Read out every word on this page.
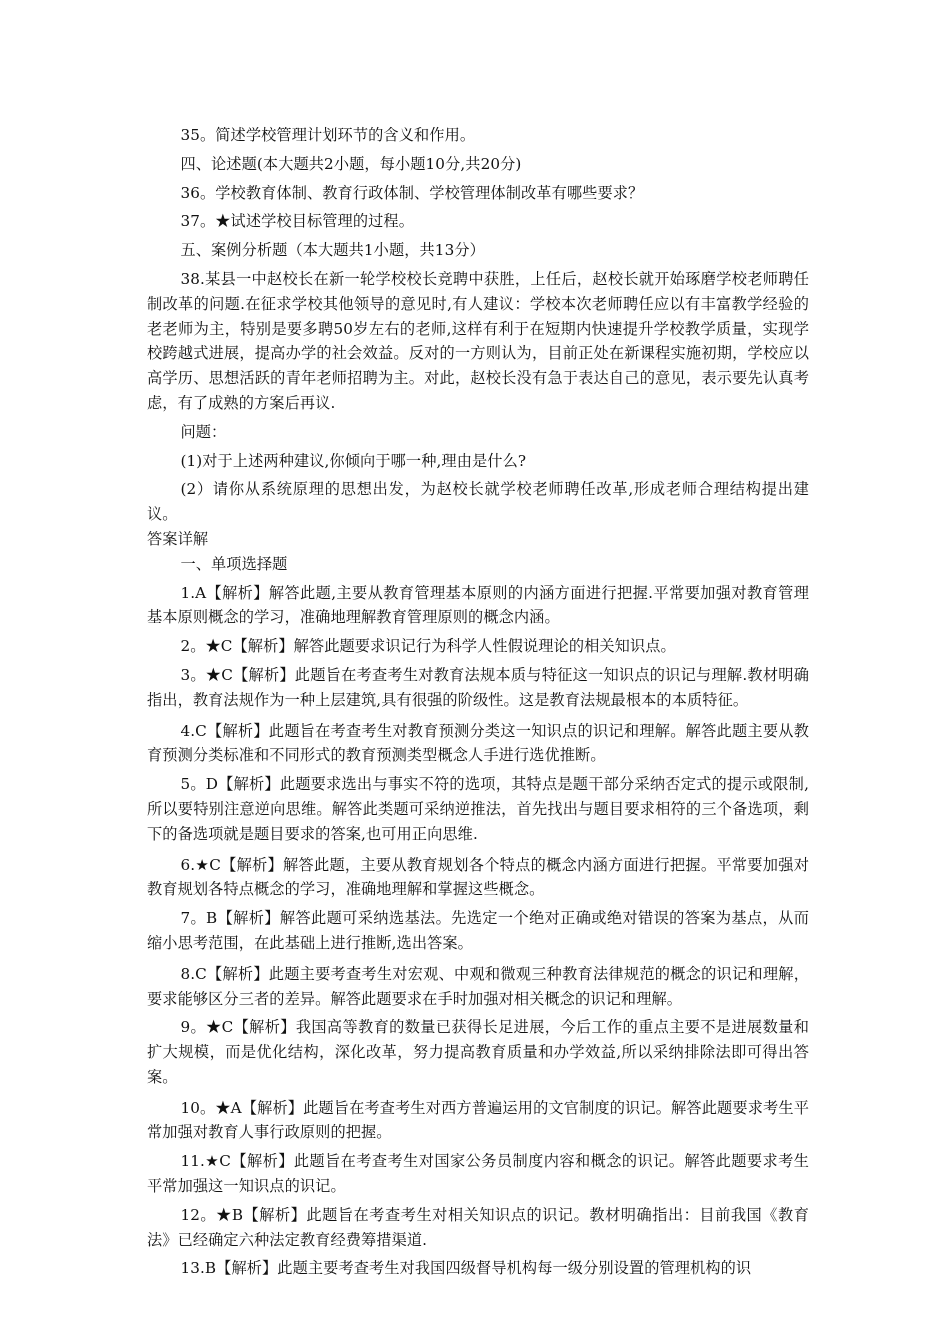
35。简述学校管理计划环节的含义和作用。

四、论述题(本大题共2小题，每小题10分,共20分)

36。学校教育体制、教育行政体制、学校管理体制改革有哪些要求？

37。★试述学校目标管理的过程。

五、案例分析题（本大题共1小题，共13分）

38.某县一中赵校长在新一轮学校校长竞聘中获胜，上任后，赵校长就开始琢磨学校老师聘任制改革的问题.在征求学校其他领导的意见时,有人建议：学校本次老师聘任应以有丰富教学经验的老老师为主，特别是要多聘50岁左右的老师,这样有利于在短期内快速提升学校教学质量，实现学校跨越式进展，提高办学的社会效益。反对的一方则认为，目前正处在新课程实施初期，学校应以高学历、思想活跃的青年老师招聘为主。对此，赵校长没有急于表达自己的意见，表示要先认真考虑，有了成熟的方案后再议.

问题：

(1)对于上述两种建议,你倾向于哪一种,理由是什么?

(2）请你从系统原理的思想出发，为赵校长就学校老师聘任改革,形成老师合理结构提出建议。

答案详解

一、单项选择题

1.A【解析】解答此题,主要从教育管理基本原则的内涵方面进行把握.平常要加强对教育管理基本原则概念的学习，准确地理解教育管理原则的概念内涵。

2。★C【解析】解答此题要求识记行为科学人性假说理论的相关知识点。

3。★C【解析】此题旨在考查考生对教育法规本质与特征这一知识点的识记与理解.教材明确指出，教育法规作为一种上层建筑,具有很强的阶级性。这是教育法规最根本的本质特征。

4.C【解析】此题旨在考查考生对教育预测分类这一知识点的识记和理解。解答此题主要从教育预测分类标准和不同形式的教育预测类型概念人手进行选优推断。

5。D【解析】此题要求选出与事实不符的选项，其特点是题干部分采纳否定式的提示或限制,所以要特别注意逆向思维。解答此类题可采纳逆推法，首先找出与题目要求相符的三个备选项，剩下的备选项就是题目要求的答案,也可用正向思维.

6.★C【解析】解答此题，主要从教育规划各个特点的概念内涵方面进行把握。平常要加强对教育规划各特点概念的学习，准确地理解和掌握这些概念。

7。B【解析】解答此题可采纳选基法。先选定一个绝对正确或绝对错误的答案为基点，从而缩小思考范围，在此基础上进行推断,选出答案。

8.C【解析】此题主要考查考生对宏观、中观和微观三种教育法律规范的概念的识记和理解，要求能够区分三者的差异。解答此题要求在手时加强对相关概念的识记和理解。

9。★C【解析】我国高等教育的数量已获得长足进展，今后工作的重点主要不是进展数量和扩大规模，而是优化结构，深化改革，努力提高教育质量和办学效益,所以采纳排除法即可得出答案。

10。★A【解析】此题旨在考查考生对西方普遍运用的文官制度的识记。解答此题要求考生平常加强对教育人事行政原则的把握。

11.★C【解析】此题旨在考查考生对国家公务员制度内容和概念的识记。解答此题要求考生平常加强这一知识点的识记。

12。★B【解析】此题旨在考查考生对相关知识点的识记。教材明确指出：目前我国《教育法》已经确定六种法定教育经费筹措渠道.

13.B【解析】此题主要考查考生对我国四级督导机构每一级分别设置的管理机构的识
